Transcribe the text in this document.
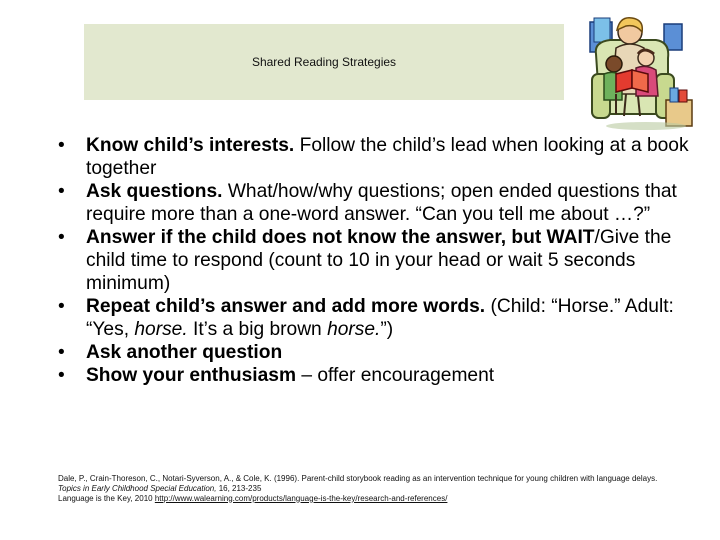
Shared Reading Strategies
• Know child’s interests. Follow the child’s lead when looking at a book together
• Ask questions. What/how/why questions; open ended questions that require more than a one-word answer. “Can you tell me about …?”
• Answer if the child does not know the answer, but WAIT/Give the child time to respond (count to 10 in your head or wait 5 seconds minimum)
• Repeat child’s answer and add more words. (Child: “Horse.” Adult: “Yes, horse. It’s a big brown horse.”)
• Ask another question
• Show your enthusiasm – offer encouragement
Dale, P., Crain-Thoreson, C., Notari-Syverson, A., & Cole, K. (1996). Parent-child storybook reading as an intervention technique for young children with language delays. Topics in Early Childhood Special Education, 16, 213-235
Language is the Key, 2010 http://www.walearning.com/products/language-is-the-key/research-and-references/
